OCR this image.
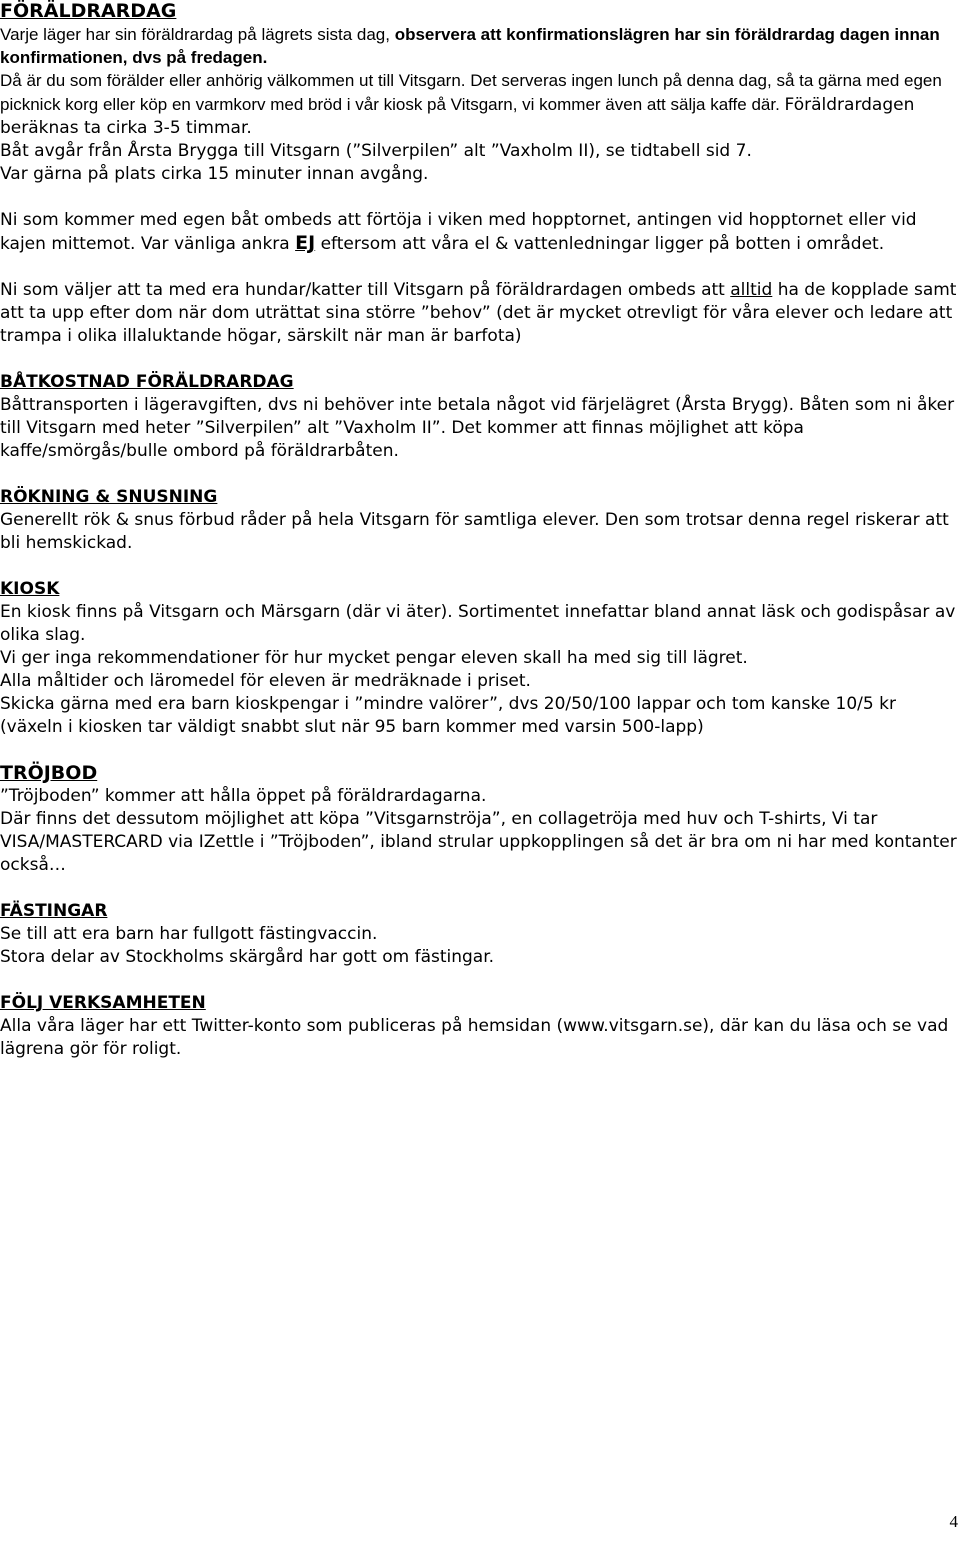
FÖRÄLDRARDAG

Varje läger har sin föräldrardag på lägrets sista dag, observera att konfirmationslägren har sin föräldrardag dagen innan konfirmationen, dvs på fredagen.

Då är du som förälder eller anhörig välkommen ut till Vitsgarn. Det serveras ingen lunch på denna dag, så ta gärna med egen picknick korg eller köp en varmkorv med bröd i vår kiosk på Vitsgarn, vi kommer även att sälja kaffe där. Föräldrardagen beräknas ta cirka 3-5 timmar.

Båt avgår från Årsta Brygga till Vitsgarn (”Silverpilen” alt ”Vaxholm II), se tidtabell sid 7.

Var gärna på plats cirka 15 minuter innan avgång.

Ni som kommer med egen båt ombeds att förtöja i viken med hopptornet, antingen vid hopptornet eller vid kajen mittemot. Var vänliga ankra EJ eftersom att våra el & vattenledningar ligger på botten i området.

Ni som väljer att ta med era hundar/katter till Vitsgarn på föräldrardagen ombeds att alltid ha de kopplade samt att ta upp efter dom när dom uträttat sina större ”behov” (det är mycket otrevligt för våra elever och ledare att trampa i olika illaluktande högar, särskilt när man är barfota)

BÅTKOSTNAD FÖRÄLDRARDAG

Båttransporten i lägeravgiften, dvs ni behöver inte betala något vid färjelägret (Årsta Brygg). Båten som ni åker till Vitsgarn med heter ”Silverpilen” alt ”Vaxholm II”. Det kommer att finnas möjlighet att köpa kaffe/smörgås/bulle ombord på föräldrarbåten.

RÖKNING & SNUSNING

Generellt rök & snus förbud råder på hela Vitsgarn för samtliga elever. Den som trotsar denna regel riskerar att bli hemskickad.

KIOSK

En kiosk finns på Vitsgarn och Märsgarn (där vi äter). Sortimentet innefattar bland annat läsk och godispåsar av olika slag.

Vi ger inga rekommendationer för hur mycket pengar eleven skall ha med sig till lägret.

Alla måltider och läromedel för eleven är medräknade i priset.

Skicka gärna med era barn kioskpengar i ”mindre valörer”, dvs 20/50/100 lappar och tom kanske 10/5 kr (växeln i kiosken tar väldigt snabbt slut när 95 barn kommer med varsin 500-lapp)

TRÖJBOD

”Tröjboden” kommer att hålla öppet på föräldrardagarna.

Där finns det dessutom möjlighet att köpa ”Vitsgarnströja”, en collagetröja med huv och T-shirts, Vi tar VISA/MASTERCARD via IZettle i ”Tröjboden”, ibland strular uppkopplingen så det är bra om ni har med kontanter också…

FÄSTINGAR

Se till att era barn har fullgott fästingvaccin.

Stora delar av Stockholms skärgård har gott om fästingar.

FÖLJ VERKSAMHETEN

Alla våra läger har ett Twitter-konto som publiceras på hemsidan (www.vitsgarn.se), där kan du läsa och se vad lägrena gör för roligt.

4
